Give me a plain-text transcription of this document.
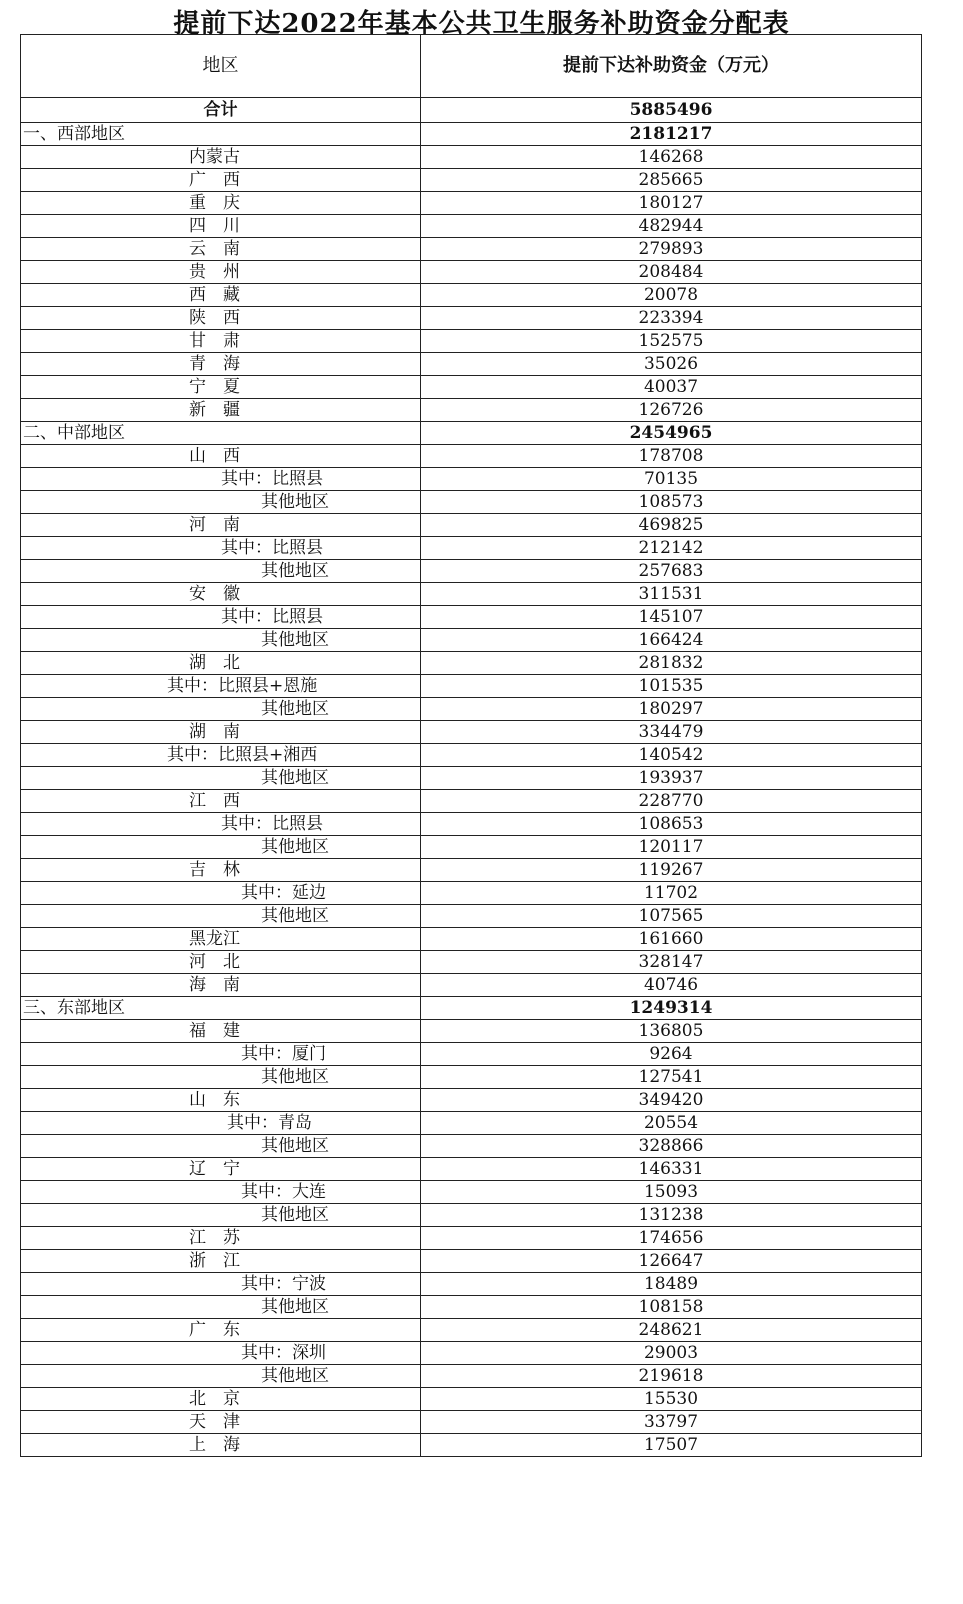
提前下达2022年基本公共卫生服务补助资金分配表
地区	提前下达补助资金（万元）
合计	5885496
一、西部地区	2181217
内蒙古	146268
广　西	285665
重　庆	180127
四　川	482944
云　南	279893
贵　州	208484
西　藏	20078
陕　西	223394
甘　肃	152575
青　海	35026
宁　夏	40037
新　疆	126726
二、中部地区	2454965
山　西	178708
其中：比照县	70135
其他地区	108573
河　南	469825
其中：比照县	212142
其他地区	257683
安　徽	311531
其中：比照县	145107
其他地区	166424
湖　北	281832
其中：比照县+恩施	101535
其他地区	180297
湖　南	334479
其中：比照县+湘西	140542
其他地区	193937
江　西	228770
其中：比照县	108653
其他地区	120117
吉　林	119267
其中：延边	11702
其他地区	107565
黑龙江	161660
河　北	328147
海　南	40746
三、东部地区	1249314
福　建	136805
其中：厦门	9264
其他地区	127541
山　东	349420
其中：青岛	20554
其他地区	328866
辽　宁	146331
其中：大连	15093
其他地区	131238
江　苏	174656
浙　江	126647
其中：宁波	18489
其他地区	108158
广　东	248621
其中：深圳	29003
其他地区	219618
北　京	15530
天　津	33797
上　海	17507
